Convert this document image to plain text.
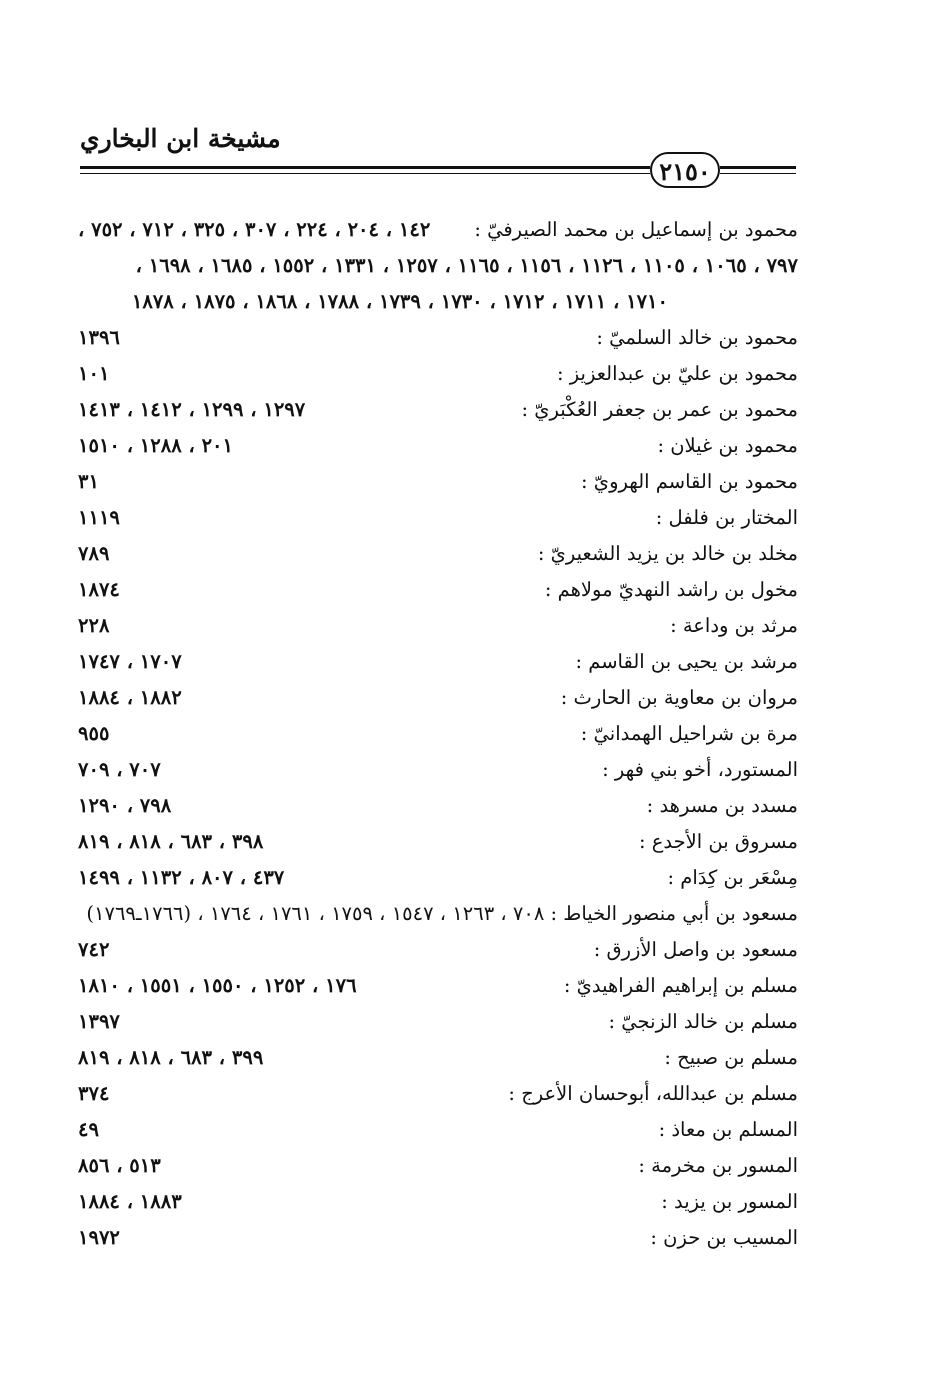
مشيخة ابن البخاري
٢١٥٠
محمود بن إسماعيل بن محمد الصيرفيّ :
١٤٢ ، ٢٠٤ ، ٢٢٤ ، ٣٠٧ ، ٣٢٥ ، ٧١٢ ، ٧٥٢ ،
٧٩٧ ، ١٠٦٥ ، ١١٠٥ ، ١١٢٦ ، ١١٥٦ ، ١١٦٥ ، ١٢٥٧ ، ١٣٣١ ، ١٥٥٢ ، ١٦٨٥ ، ١٦٩٨ ،
١٧١٠ ، ١٧١١ ، ١٧١٢ ، ١٧٣٠ ، ١٧٣٩ ، ١٧٨٨ ، ١٨٦٨ ، ١٨٧٥ ، ١٨٧٨
محمود بن خالد السلميّ :
١٣٩٦
محمود بن عليّ بن عبدالعزيز :
١٠١
محمود بن عمر بن جعفر العُكْبَريّ :
١٢٩٧ ، ١٢٩٩ ، ١٤١٢ ، ١٤١٣
محمود بن غيلان :
٢٠١ ، ١٢٨٨ ، ١٥١٠
محمود بن القاسم الهرويّ :
٣١
المختار بن فلفل :
١١١٩
مخلد بن خالد بن يزيد الشعيريّ :
٧٨٩
مخول بن راشد النهديّ مولاهم :
١٨٧٤
مرثد بن وداعة :
٢٢٨
مرشد بن يحيى بن القاسم :
١٧٠٧ ، ١٧٤٧
مروان بن معاوية بن الحارث :
١٨٨٢ ، ١٨٨٤
مرة بن شراحيل الهمدانيّ :
٩٥٥
المستورد، أخو بني فهر :
٧٠٧ ، ٧٠٩
مسدد بن مسرهد :
٧٩٨ ، ١٢٩٠
مسروق بن الأجدع :
٣٩٨ ، ٦٨٣ ، ٨١٨ ، ٨١٩
مِسْعَر بن كِدَام :
٤٣٧ ، ٨٠٧ ، ١١٣٢ ، ١٤٩٩
مسعود بن أبي منصور الخياط : ٧٠٨ ، ١٢٦٣ ، ١٥٤٧ ، ١٧٥٩ ، ١٧٦١ ، ١٧٦٤ ، (١٧٦٦ـ١٧٦٩)
مسعود بن واصل الأزرق :
٧٤٢
مسلم بن إبراهيم الفراهيديّ :
١٧٦ ، ١٢٥٢ ، ١٥٥٠ ، ١٥٥١ ، ١٨١٠
مسلم بن خالد الزنجيّ :
١٣٩٧
مسلم بن صبيح :
٣٩٩ ، ٦٨٣ ، ٨١٨ ، ٨١٩
مسلم بن عبدالله، أبوحسان الأعرج :
٣٧٤
المسلم بن معاذ :
٤٩
المسور بن مخرمة :
٥١٣ ، ٨٥٦
المسور بن يزيد :
١٨٨٣ ، ١٨٨٤
المسيب بن حزن :
١٩٧٢
